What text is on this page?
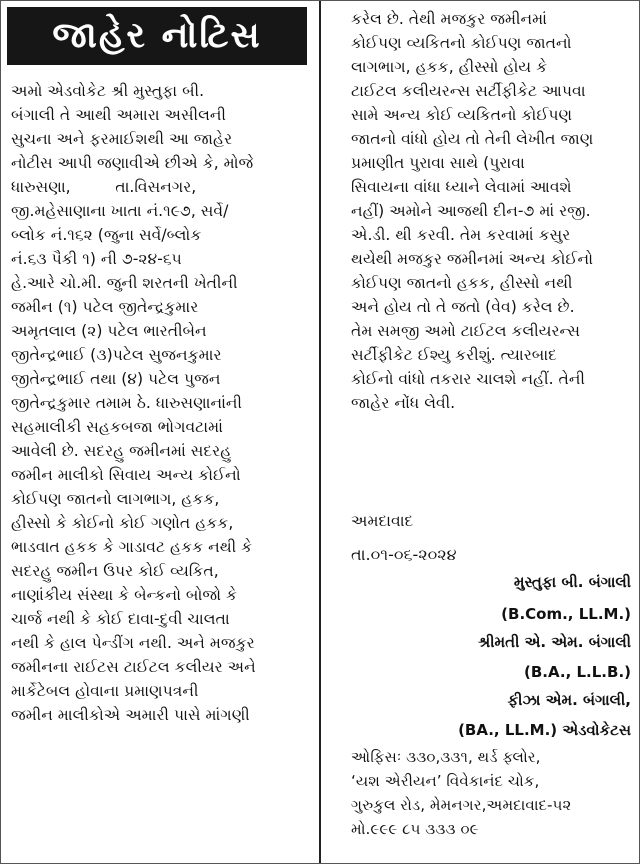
જાહેર નોટિસ
અમો એડવોકેટ શ્રી મુસ્તુફા બી.
બંગાલી તે આથી અમારા અસીલની
સુચના અને ફરમાઈશથી આ જાહેર
નોટીસ આપી જણાવીએ છીએ કે, મોજે
ધારુસણા,         તા.વિસનગર,
જી.મહેસાણાના ખાતા નં.૧૯૭, સર્વે/
બ્લોક નં.૧૬૨ (જુના સર્વે/બ્લોક
નં.૬૩ પૈકી ૧) ની ૭-૨૪-૬૫
હે.આરે ચો.મી. જુની શરતની ખેતીની
જમીન (૧) પટેલ જીતેન્દ્રકુમાર
અમૃતલાલ (૨) પટેલ ભારતીબેન
જીતેન્દ્રભાઈ (૩)પટેલ સુજનકુમાર
જીતેન્દ્રભાઈ તથા (૪) પટેલ પુજન
જીતેન્દ્રકુમાર તમામ ઠે. ધારુસણાનાંની
સહમાલીકી સહકબજા ભોગવટામાં
આવેલી છે. સદરહુ જમીનમાં સદરહુ
જમીન માલીકો સિવાય અન્ય કોઈનો
કોઈપણ જાતનો લાગભાગ, હકક,
હીસ્સો કે કોઈનો કોઈ ગણોત હકક,
ભાડવાત હકક કે ગાડાવટ હકક નથી કે
સદરહુ જમીન ઉપર કોઈ વ્યકિત,
નાણાંકીય સંસ્થા કે બેન્કનો બોજો કે
ચાર્જ નથી કે કોઈ દાવા-દુવી ચાલતા
નથી કે હાલ પેન્ડીંગ નથી. અને મજકુર
જમીનના રાઈટસ ટાઈટલ કલીયર અને
માર્કેટેબલ હોવાના પ્રમાણપત્રની
જમીન માલીકોએ અમારી પાસે માંગણી
કરેલ છે. તેથી મજકુર જમીનમાં
કોઈપણ વ્યકિતનો કોઈપણ જાતનો
લાગભાગ, હકક, હીસ્સો હોય કે
ટાઈટલ કલીયરન્સ સર્ટીફીકેટ આપવા
સામે અન્ય કોઈ વ્યકિતનો કોઈપણ
જાતનો વાંધો હોય તો તેની લેખીત જાણ
પ્રમાણીત પુરાવા સાથે (પુરાવા
સિવાયના વાંધા ધ્યાને લેવામાં આવશે
નહીં) અમોને આજથી દીન-૭ માં રજી.
એ.ડી. થી કરવી. તેમ કરવામાં કસુર
થયેથી મજકુર જમીનમાં અન્ય કોઈનો
કોઈપણ જાતનો હકક, હીસ્સો નથી
અને હોય તો તે જતો (વેવ) કરેલ છે.
તેમ સમજી અમો ટાઈટલ કલીયરન્સ
સર્ટીફીકેટ ઈશ્યુ કરીશું. ત્યારબાદ
કોઈનો વાંધો તકરાર ચાલશે નહીં. તેની
જાહેર નોંધ લેવી.
અમદાવાદ
તા.૦૧-૦૬-૨૦૨૪
મુસ્તુફા બી. બંગાલી
(B.Com., LL.M.)
શ્રીમતી એ. એમ. બંગાલી
(B.A., L.L.B.)
ફીઝા એમ. બંગાલી,
(BA., LL.M.) એડવોકેટસ
ઓફિસઃ ૩૩૦,૩૩૧, થર્ડ ફ્લોર,
‘યશ એરીયન’ વિવેકાનંદ ચોક,
ગુરુકુલ રોડ, મેમનગર,અમદાવાદ-૫૨
મો.૯૯૯ ૮૫ ૩૩૩ ૦૯
